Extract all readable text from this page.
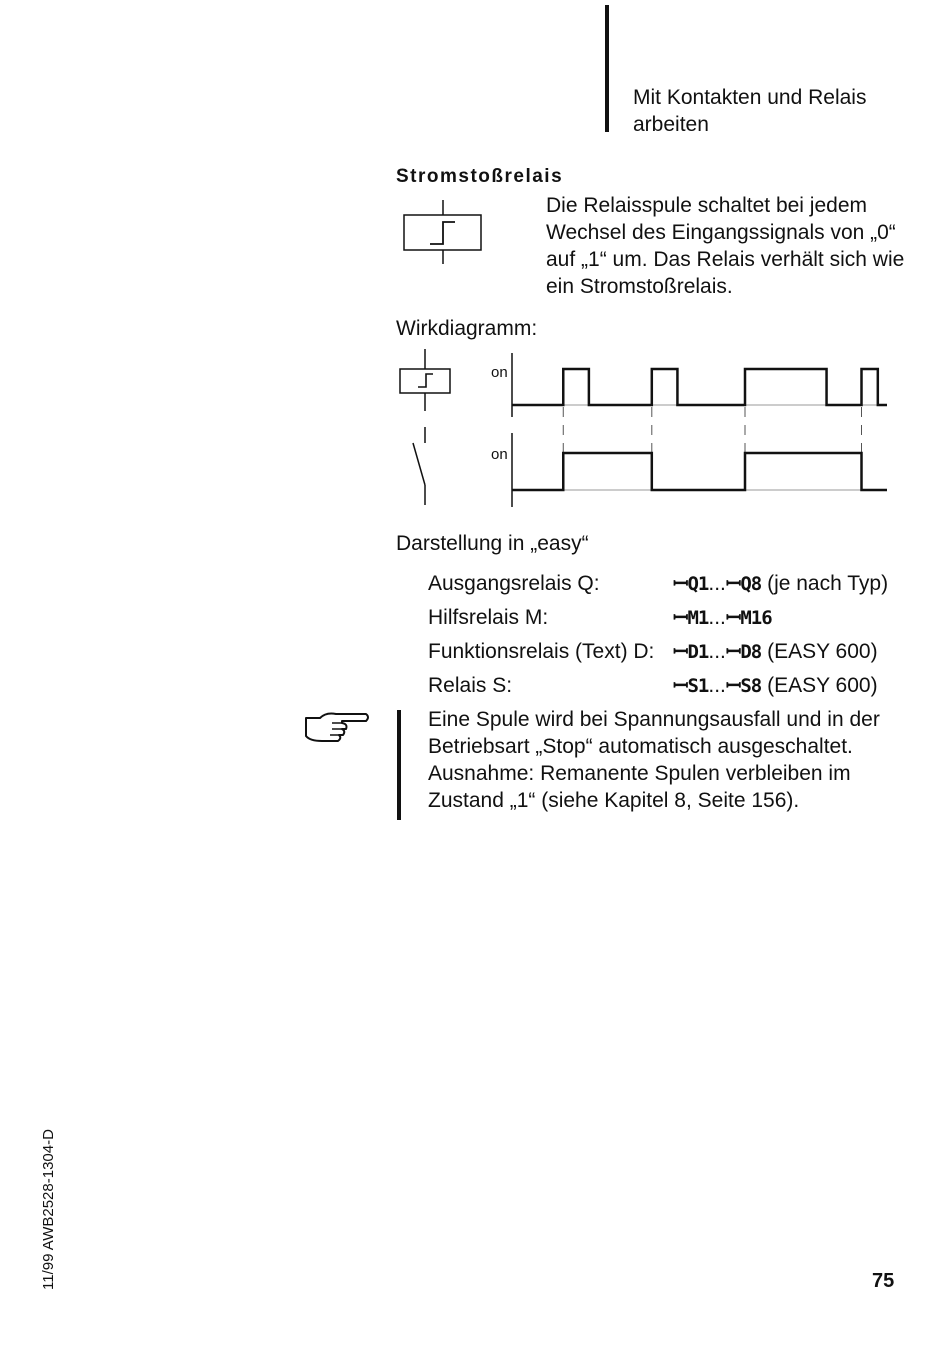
Mit Kontakten und Relais arbeiten
Stromstoßrelais

Die Relaisspule schaltet bei jedem Wechsel des Eingangssignals von „0“ auf „1“ um. Das Relais verhält sich wie ein Stromstoßrelais.

Wirkdiagramm:
on
on
Darstellung in „easy“
Ausgangsrelais Q:	ꟷQ1...ꟷQ8 (je nach Typ)
Hilfsrelais M:	ꟷM1...ꟷM16
Funktionsrelais (Text) D: ꟷD1...ꟷD8 (EASY 600)
Relais S:	ꟷS1...ꟷS8 (EASY 600)
Eine Spule wird bei Spannungsausfall und in der Betriebsart „Stop“ automatisch ausgeschaltet. Ausnahme: Remanente Spulen verbleiben im Zustand „1“ (siehe Kapitel 8, Seite 156).
11/99 AWB2528-1304-D	75
